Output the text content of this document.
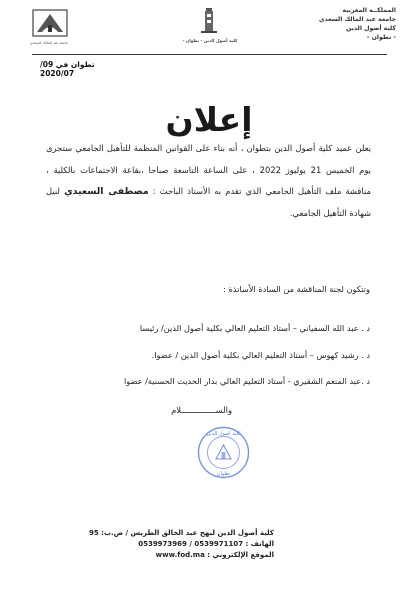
المملكــة المغربية
جامعة عبد المالك السعدي
كلية أصول الدين
- تطوان -
جامعة عبد المالك السعدي	كلية أصول الدين - تطوان -
تطوان في 09/ 2020/07
إعلان
يعلن عميد كلية أصول الدين بتطوان ، أنه بناء على القوانين المنظمة للتأهيل الجامعي ستجرى يوم الخميس 21 يوليوز 2022 ، على الساعة التاسعة صباحا ،بقاعة الاجتماعات بالكلية ، مناقشة ملف التأهيل الجامعي الذي تقدم به الأستاذ الباحث : مصطفى السعيدي لنيل شهادة التأهيل الجامعي.
وتتكون لجنة المناقشة من السادة الأساتذة :
د . عبد الله السفياني – أستاذ التعليم العالي بكلية أصول الدين/ رئيسا
د . رشيد كهوس – أستاذ التعليم العالي بكلية أصول الدين / عضوا.
د .عبد المنعم الشقيري - أستاذ التعليم العالي بدار الحديث الحسنية/ عضوا
والســــــــــــــلام
كلية أصول الدين
تطوان
كلية أصول الدين لبهج عبد الخالق الطريس / ص.ب: 95
الهاتف : 0539971107 / 0539973969
الموقع الإلكتروني : www.fod.ma
